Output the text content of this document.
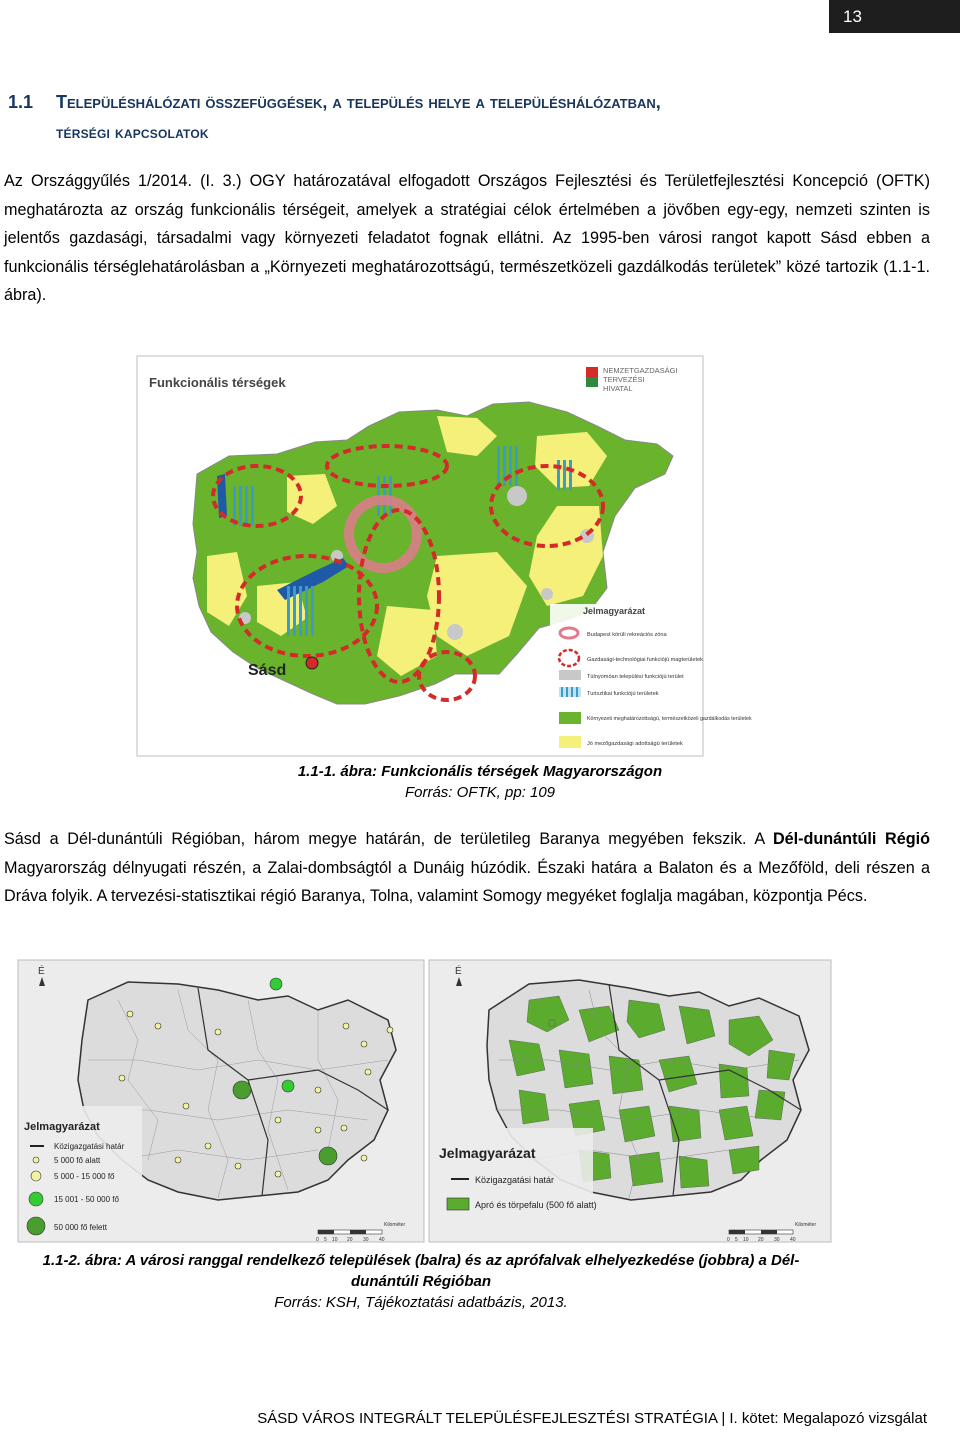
13
1.1 Településhálózati összefüggések, a település helye a településhálózatban,
térségi kapcsolatok
Az Országgyűlés 1/2014. (I. 3.) OGY határozatával elfogadott Országos Fejlesztési és Területfejlesztési Koncepció (OFTK) meghatározta az ország funkcionális térségeit, amelyek a stratégiai célok értelmében a jövőben egy-egy, nemzeti szinten is jelentős gazdasági, társadalmi vagy környezeti feladatot fognak ellátni. Az 1995-ben városi rangot kapott Sásd ebben a funkcionális térséglehatárolásban a „Környezeti meghatározottságú, természetközeli gazdálkodás területek” közé tartozik (1.1-1. ábra).
Funkcionális térségek
NEMZETGAZDASÁGI
TERVEZÉSI
HIVATAL
Sásd
Jelmagyarázat
Budapest körüli rekreációs zóna
Gazdasági-technológiai funkciójú magterületek
Túlnyomóan települési funkciójú terület
Turisztikai funkciójú területek
Környezeti meghatározottságú, természetközeli gazdálkodás területek
Jó mezőgazdasági adottságú területek
1.1-1. ábra: Funkcionális térségek Magyarországon
Forrás: OFTK, pp: 109
Sásd a Dél-dunántúli Régióban, három megye határán, de területileg Baranya megyében fekszik. A Dél-dunántúli Régió Magyarország délnyugati részén, a Zalai-dombságtól a Dunáig húzódik. Északi határa a Balaton és a Mezőföld, deli részen a Dráva folyik. A tervezési-statisztikai régió Baranya, Tolna, valamint Somogy megyéket foglalja magában, központja Pécs.
É
Jelmagyarázat
Közigazgatási határ
5 000 fő alatt
5 000 - 15 000 fő
15 001 - 50 000 fő
50 000 fő felett	Kilométer
0 5 10 20 30 40
É
Jelmagyarázat
Közigazgatási határ
Apró és törpefalu (500 fő alatt)
Kilométer
0 5 10 20 30 40
1.1-2. ábra: A városi ranggal rendelkező települések (balra) és az aprófalvak elhelyezkedése (jobbra) a Dél-
dunántúli Régióban
Forrás: KSH, Tájékoztatási adatbázis, 2013.
SÁSD VÁROS INTEGRÁLT TELEPÜLÉSFEJLESZTÉSI STRATÉGIA | I. kötet: Megalapozó vizsgálat
